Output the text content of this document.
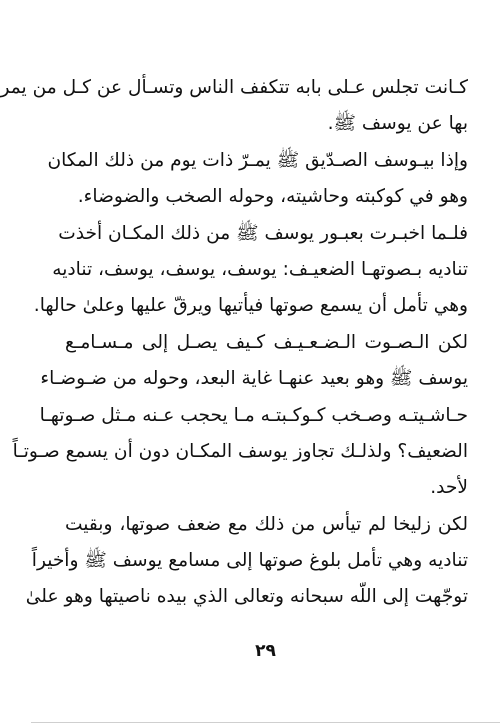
كـانت تجلس عـلى بابه تتكفف الناس وتسـأل عن كـل من يمر
بها عن يوسف ﷺ.
وإذا بيـوسف الصـدّيق ﷺ يمـرّ ذات يوم من ذلك المكان
وهو في كوكبته وحاشيته، وحوله الصخب والضوضاء.
فلـما اخبـرت بعبـور يوسف ﷺ من ذلك المكـان أخذت
تناديه بـصوتهـا الضعيـف: يوسف، يوسف، يوسف، تناديه
وهي تأمل أن يسمع صوتها فيأتيها ويرقّ عليها وعلىٰ حالها.
لكن الـصـوت الـضـعـيـف كـيف يصـل إلى مـسـامـع
يوسف ﷺ وهو بعيد عنهـا غاية البعد، وحوله من ضـوضـاء
حـاشـيتـه وصـخب كـوكـبتـه مـا يحجب عـنه مـثل صـوتهـا
الضعيف؟ ولذلـك تجاوز يوسف المكـان دون أن يسمع صـوتـاً
لأحد.
لكن زليخا لم تيأس من ذلك مع ضعف صوتها، وبقيت
تناديه وهي تأمل بلوغ صوتها إلى مسامع يوسف ﷺ وأخيراً
توجّهت إلى اللّه سبحانه وتعالى الذي بيده ناصيتها وهو علىٰ
٢٩
